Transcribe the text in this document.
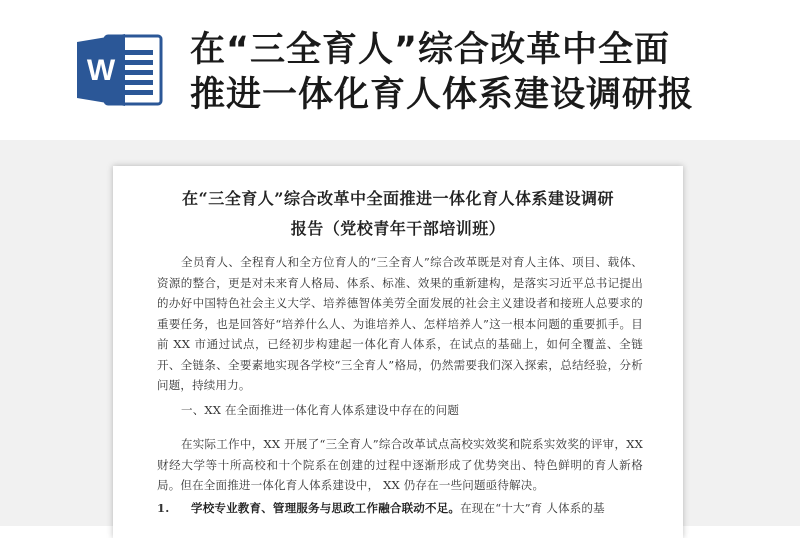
W
在“三全育人”综合改革中全面
推进一体化育人体系建设调研报
在“三全育人”综合改革中全面推进一体化育人体系建设调研
报告（党校青年干部培训班）
全员育人、全程育人和全方位育人的“三全育人”综合改革既是对育人主体、项目、载体、资源的整合，更是对未来育人格局、体系、标准、效果的重新建构，是落实习近平总书记提出的办好中国特色社会主义大学、培养德智体美劳全面发展的社会主义建设者和接班人总要求的重要任务，也是回答好“培养什么人、为谁培养人、怎样培养人”这一根本问题的重要抓手。目前 XX 市通过试点，已经初步构建起一体化育人体系，在试点的基础上，如何全覆盖、全链开、全链条、全要素地实现各学校“三全育人”格局，仍然需要我们深入探索，总结经验，分析问题，持续用力。
一、XX 在全面推进一体化育人体系建设中存在的问题
在实际工作中，XX 开展了“三全育人”综合改革试点高校实效奖和院系实效奖的评审，XX 财经大学等十所高校和十个院系在创建的过程中逐渐形成了优势突出、特色鲜明的育人新格局。但在全面推进一体化育人体系建设中， XX 仍存在一些问题亟待解决。
1. 学校专业教育、管理服务与思政工作融合联动不足。在现在“十大”育 人体系的基
